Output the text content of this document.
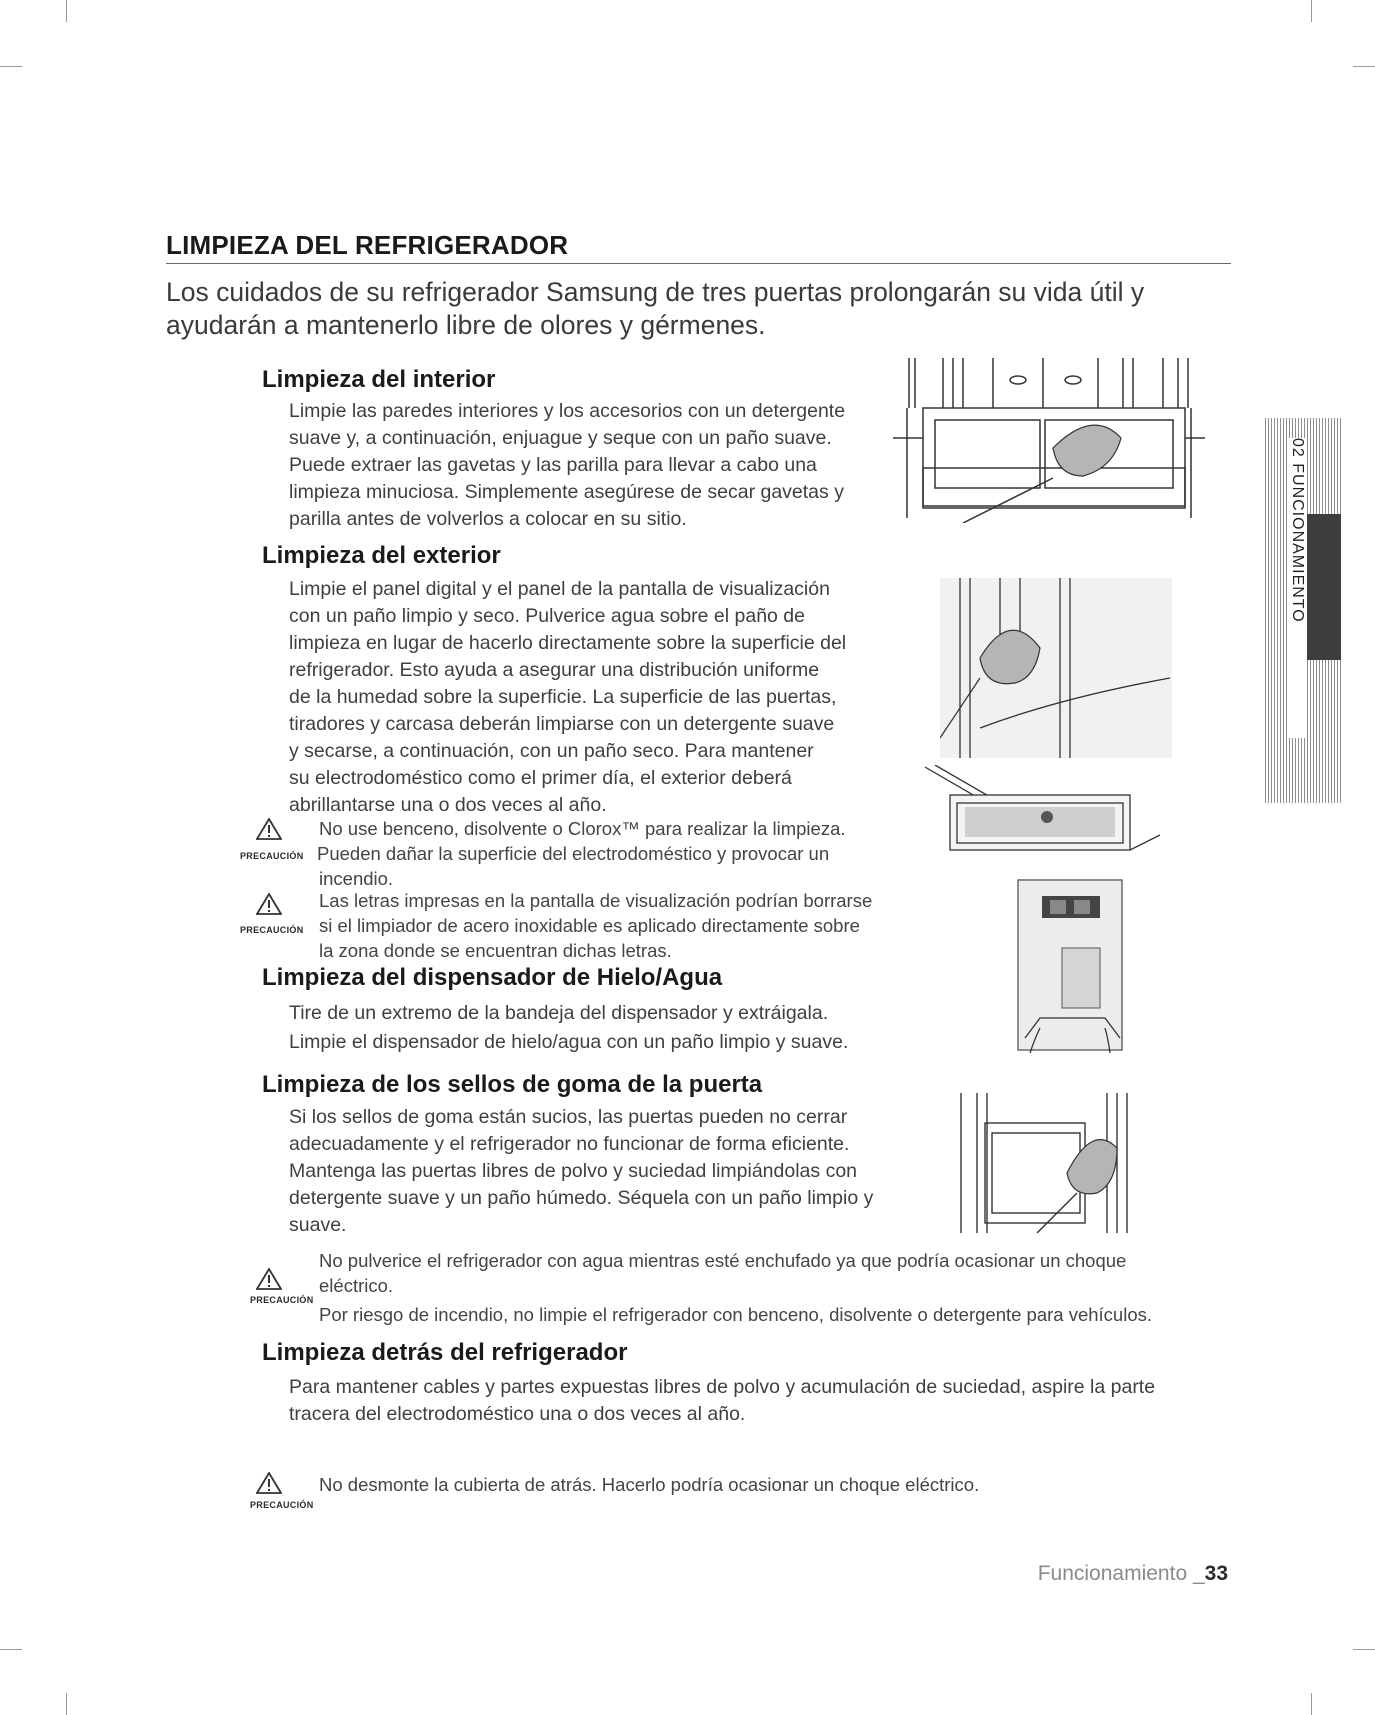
LIMPIEZA DEL REFRIGERADOR
Los cuidados de su refrigerador Samsung de tres puertas prolongarán su vida útil y ayudarán a mantenerlo libre de olores y gérmenes.
Limpieza del interior
Limpie las paredes interiores y los accesorios con un detergente
suave y, a continuación, enjuague y seque con un paño suave.
Puede extraer las gavetas y las parilla para llevar a cabo una
limpieza minuciosa. Simplemente asegúrese de secar gavetas y
parilla antes de volverlos a colocar en su sitio.
Limpieza del exterior
Limpie el panel digital y el panel de la pantalla de visualización
con un paño limpio y seco. Pulverice agua sobre el paño de
limpieza en lugar de hacerlo directamente sobre la superficie del
refrigerador. Esto ayuda a asegurar una distribución uniforme
de la humedad sobre la superficie. La superficie de las puertas,
tiradores y carcasa deberán limpiarse con un detergente suave
y secarse, a continuación, con un paño seco. Para mantener
su electrodoméstico como el primer día, el exterior deberá
abrillantarse una o dos veces al año.
PRECAUCIÓN
No use benceno, disolvente o Clorox™ para realizar la limpieza.
Pueden dañar la superficie del electrodoméstico y provocar un
incendio.
PRECAUCIÓN
Las letras impresas en la pantalla de visualización podrían borrarse
si el limpiador de acero inoxidable es aplicado directamente sobre
la zona donde se encuentran dichas letras.
Limpieza del dispensador de Hielo/Agua
Tire de un extremo de la bandeja del dispensador y extráigala.
Limpie el dispensador de hielo/agua con un paño limpio y suave.
Limpieza de los sellos de goma de la puerta
Si los sellos de goma están sucios, las puertas pueden no cerrar
adecuadamente y el refrigerador no funcionar de forma eficiente.
Mantenga las puertas libres de polvo y suciedad limpiándolas con
detergente suave y un paño húmedo. Séquela con un paño limpio y
suave.
PRECAUCIÓN
No pulverice el refrigerador con agua mientras esté enchufado ya que podría ocasionar un choque
eléctrico.
Por riesgo de incendio, no limpie el refrigerador con benceno, disolvente o detergente para vehículos.
Limpieza detrás del refrigerador
Para mantener cables y partes expuestas libres de polvo y acumulación de suciedad, aspire la parte
tracera del electrodoméstico una o dos veces al año.
PRECAUCIÓN
No desmonte la cubierta de atrás. Hacerlo podría ocasionar un choque eléctrico.
02 FUNCIONAMIENTO
Funcionamiento _33
